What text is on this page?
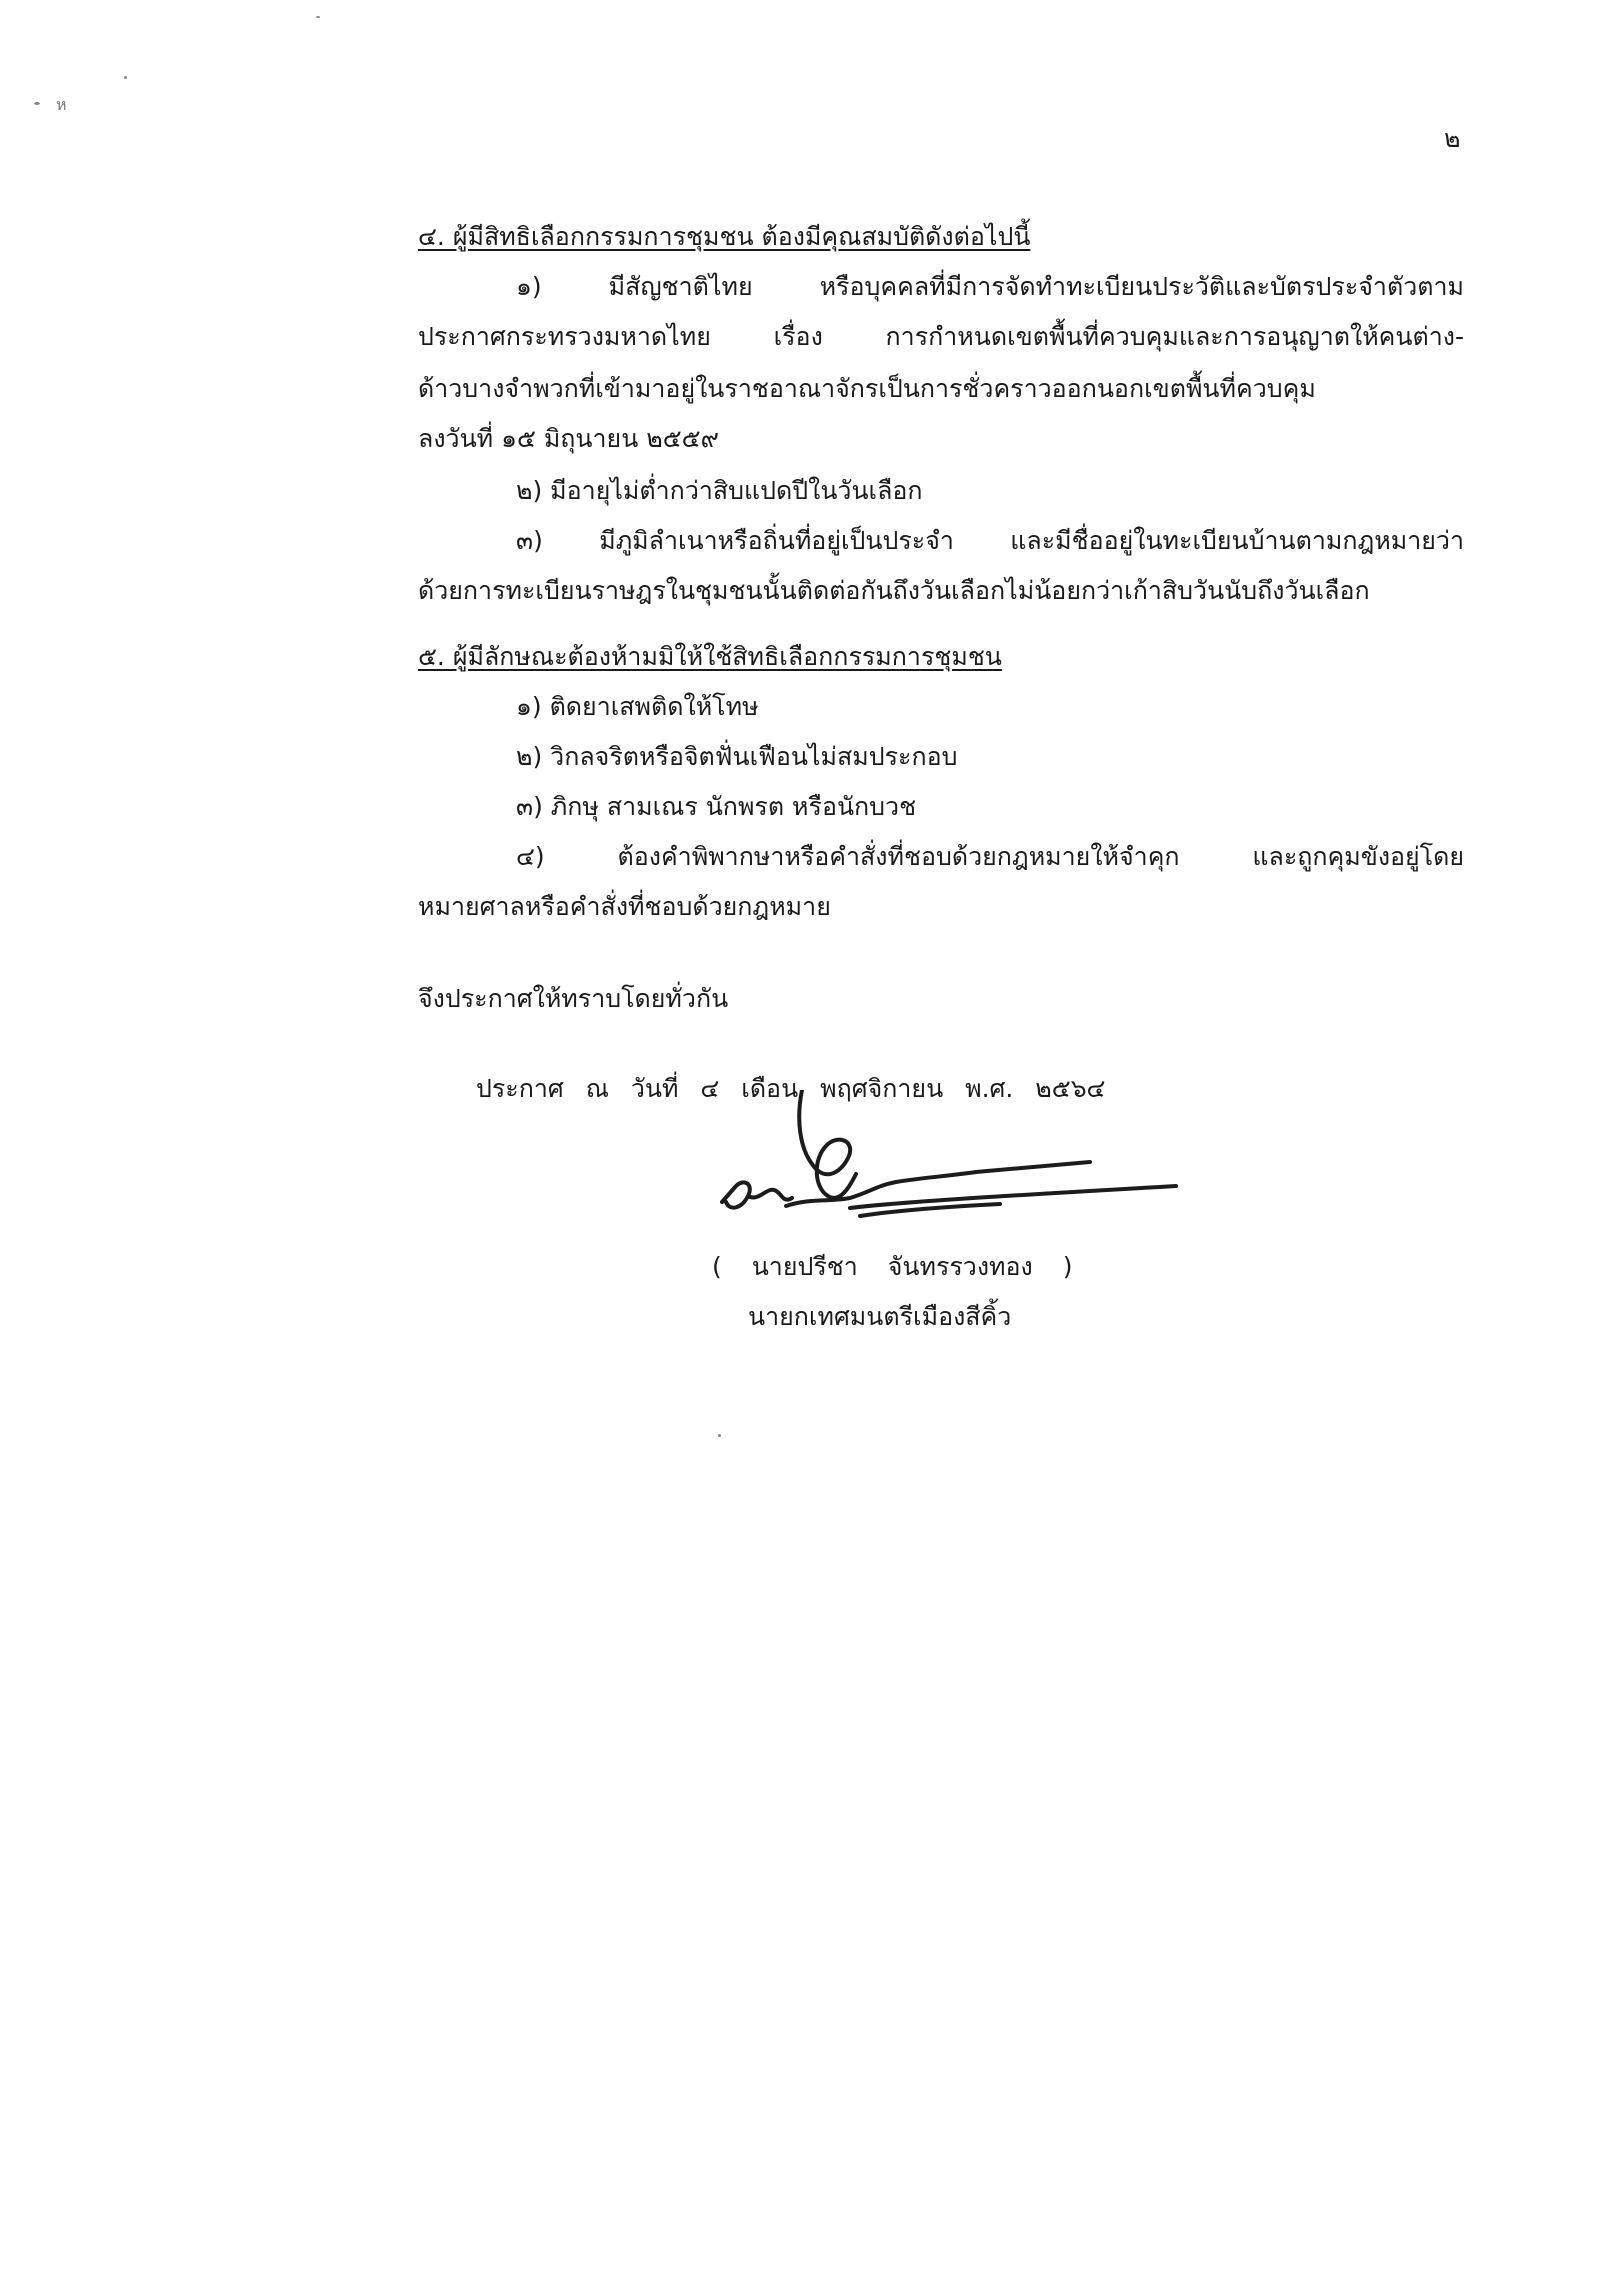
ห
๒
๔. ผู้มีสิทธิเลือกกรรมการชุมชน ต้องมีคุณสมบัติดังต่อไปนี้
๑) มีสัญชาติไทย หรือบุคคลที่มีการจัดทำทะเบียนประวัติและบัตรประจำตัวตาม
ประกาศกระทรวงมหาดไทย เรื่อง การกำหนดเขตพื้นที่ควบคุมและการอนุญาตให้คนต่าง-
ด้าวบางจำพวกที่เข้ามาอยู่ในราชอาณาจักรเป็นการชั่วคราวออกนอกเขตพื้นที่ควบคุม
ลงวันที่ ๑๕ มิถุนายน ๒๕๕๙
๒) มีอายุไม่ต่ำกว่าสิบแปดปีในวันเลือก
๓) มีภูมิลำเนาหรือถิ่นที่อยู่เป็นประจำ และมีชื่ออยู่ในทะเบียนบ้านตามกฎหมายว่า
ด้วยการทะเบียนราษฎรในชุมชนนั้นติดต่อกันถึงวันเลือกไม่น้อยกว่าเก้าสิบวันนับถึงวันเลือก
๕. ผู้มีลักษณะต้องห้ามมิให้ใช้สิทธิเลือกกรรมการชุมชน
๑) ติดยาเสพติดให้โทษ
๒) วิกลจริตหรือจิตฟั่นเฟือนไม่สมประกอบ
๓) ภิกษุ สามเณร นักพรต หรือนักบวช
๔) ต้องคำพิพากษาหรือคำสั่งที่ชอบด้วยกฎหมายให้จำคุก และถูกคุมขังอยู่โดย
หมายศาลหรือคำสั่งที่ชอบด้วยกฎหมาย
จึงประกาศให้ทราบโดยทั่วกัน
ประกาศ ณ วันที่ ๔ เดือน พฤศจิกายน พ.ศ. ๒๕๖๔
( นายปรีชา จันทรรวงทอง )
นายกเทศมนตรีเมืองสีคิ้ว
